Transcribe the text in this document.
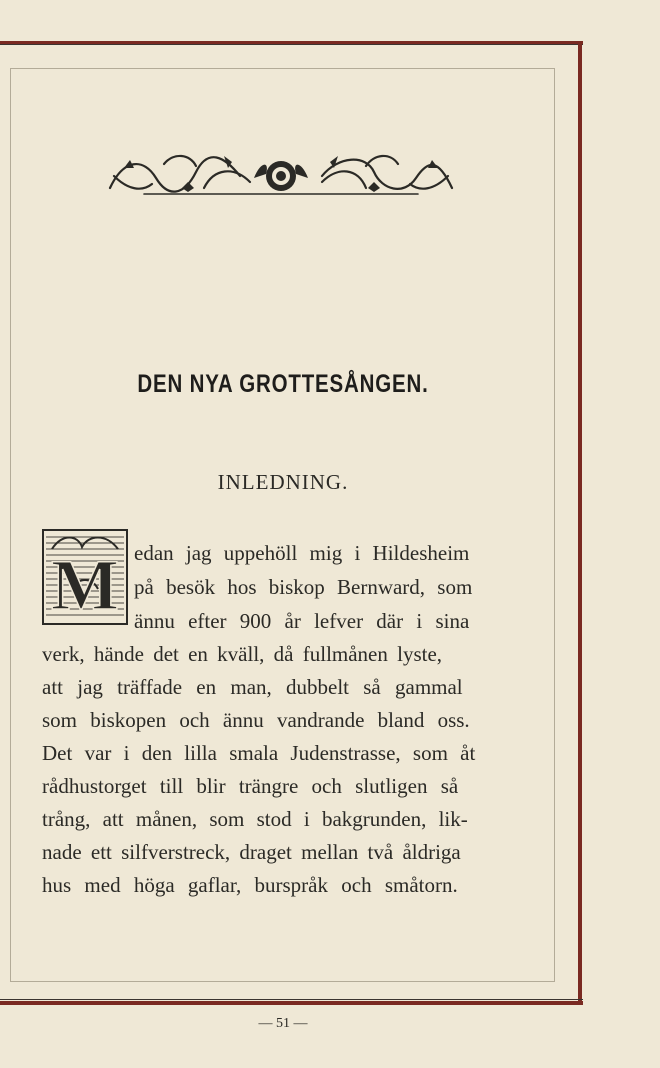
DEN NYA GROTTESÅNGEN.
INLEDNING.
M edan jag uppehöll mig i Hildesheim
på besök hos biskop Bernward, som
ännu efter 900 år lefver där i sina
verk, hände det en kväll, då fullmånen lyste,
att jag träffade en man, dubbelt så gammal
som biskopen och ännu vandrande bland oss.
Det var i den lilla smala Judenstrasse, som åt
rådhustorget till blir trängre och slutligen så
trång, att månen, som stod i bakgrunden, lik-
nade ett silfverstreck, draget mellan två åldriga
hus med höga gaflar, burspråk och småtorn.
— 51 —
